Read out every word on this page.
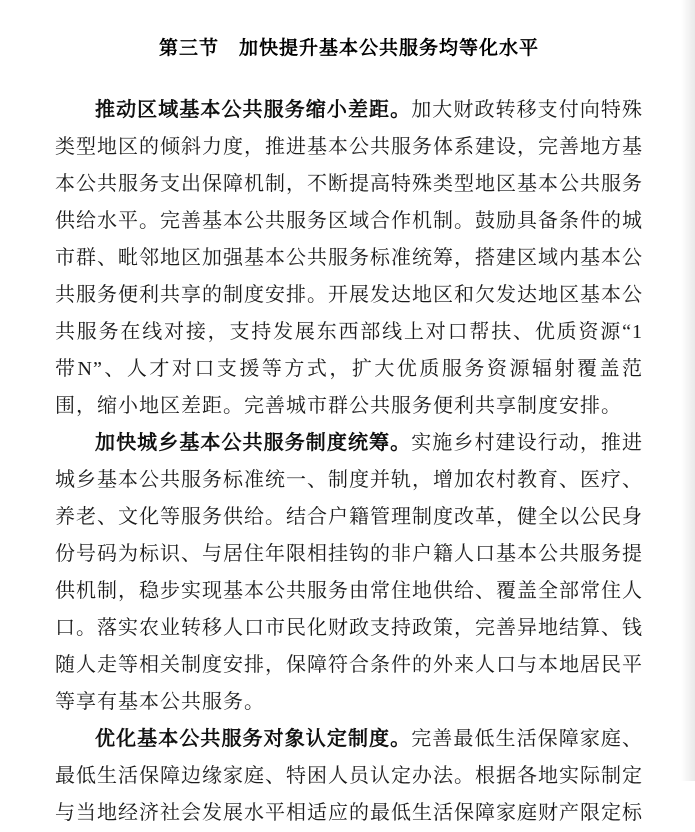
第三节　加快提升基本公共服务均等化水平

推动区域基本公共服务缩小差距。加大财政转移支付向特殊类型地区的倾斜力度，推进基本公共服务体系建设，完善地方基本公共服务支出保障机制，不断提高特殊类型地区基本公共服务供给水平。完善基本公共服务区域合作机制。鼓励具备条件的城市群、毗邻地区加强基本公共服务标准统筹，搭建区域内基本公共服务便利共享的制度安排。开展发达地区和欠发达地区基本公共服务在线对接，支持发展东西部线上对口帮扶、优质资源“1 带N”、人才对口支援等方式，扩大优质服务资源辐射覆盖范围，缩小地区差距。完善城市群公共服务便利共享制度安排。

加快城乡基本公共服务制度统筹。实施乡村建设行动，推进城乡基本公共服务标准统一、制度并轨，增加农村教育、医疗、养老、文化等服务供给。结合户籍管理制度改革，健全以公民身份号码为标识、与居住年限相挂钩的非户籍人口基本公共服务提供机制，稳步实现基本公共服务由常住地供给、覆盖全部常住人口。落实农业转移人口市民化财政支持政策，完善异地结算、钱随人走等相关制度安排，保障符合条件的外来人口与本地居民平等享有基本公共服务。

优化基本公共服务对象认定制度。完善最低生活保障家庭、最低生活保障边缘家庭、特困人员认定办法。根据各地实际制定与当地经济社会发展水平相适应的最低生活保障家庭财产限定标
